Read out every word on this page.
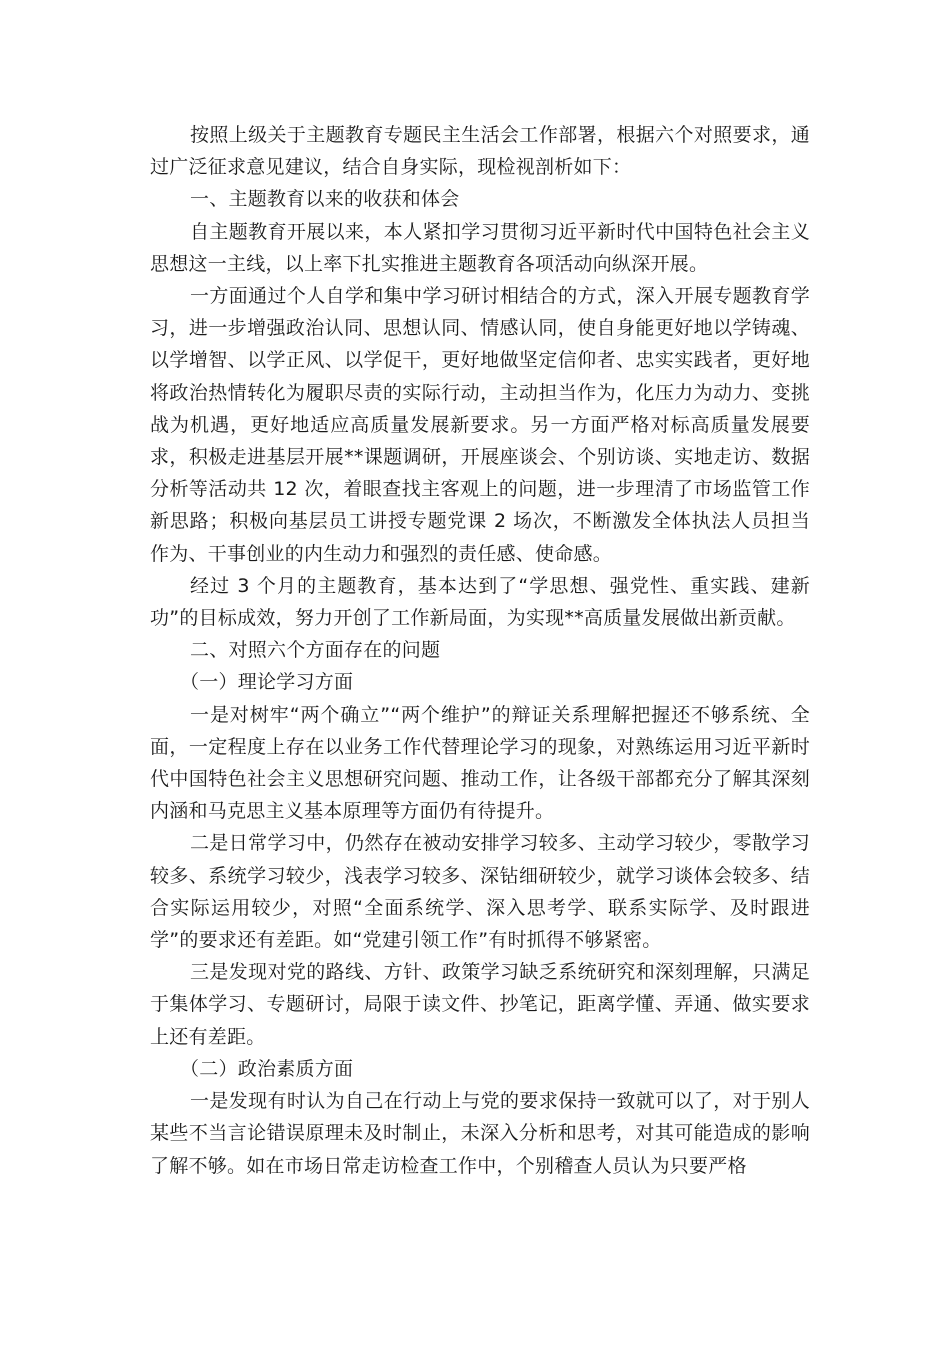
按照上级关于主题教育专题民主生活会工作部署，根据六个对照要求，通过广泛征求意见建议，结合自身实际，现检视剖析如下：

一、主题教育以来的收获和体会

自主题教育开展以来，本人紧扣学习贯彻习近平新时代中国特色社会主义思想这一主线，以上率下扎实推进主题教育各项活动向纵深开展。

一方面通过个人自学和集中学习研讨相结合的方式，深入开展专题教育学习，进一步增强政治认同、思想认同、情感认同，使自身能更好地以学铸魂、以学增智、以学正风、以学促干，更好地做坚定信仰者、忠实实践者，更好地将政治热情转化为履职尽责的实际行动，主动担当作为，化压力为动力、变挑战为机遇，更好地适应高质量发展新要求。另一方面严格对标高质量发展要求，积极走进基层开展**课题调研，开展座谈会、个别访谈、实地走访、数据分析等活动共 12 次，着眼查找主客观上的问题，进一步理清了市场监管工作新思路；积极向基层员工讲授专题党课 2 场次，不断激发全体执法人员担当作为、干事创业的内生动力和强烈的责任感、使命感。

经过 3 个月的主题教育，基本达到了“学思想、强党性、重实践、建新功”的目标成效，努力开创了工作新局面，为实现**高质量发展做出新贡献。

二、对照六个方面存在的问题

（一）理论学习方面

一是对树牢“两个确立”“两个维护”的辩证关系理解把握还不够系统、全面，一定程度上存在以业务工作代替理论学习的现象，对熟练运用习近平新时代中国特色社会主义思想研究问题、推动工作，让各级干部都充分了解其深刻内涵和马克思主义基本原理等方面仍有待提升。

二是日常学习中，仍然存在被动安排学习较多、主动学习较少，零散学习较多、系统学习较少，浅表学习较多、深钻细研较少，就学习谈体会较多、结合实际运用较少，对照“全面系统学、深入思考学、联系实际学、及时跟进学”的要求还有差距。如“党建引领工作”有时抓得不够紧密。

三是发现对党的路线、方针、政策学习缺乏系统研究和深刻理解，只满足于集体学习、专题研讨，局限于读文件、抄笔记，距离学懂、弄通、做实要求上还有差距。

（二）政治素质方面

一是发现有时认为自己在行动上与党的要求保持一致就可以了，对于别人某些不当言论错误原理未及时制止，未深入分析和思考，对其可能造成的影响了解不够。如在市场日常走访检查工作中，个别稽查人员认为只要严格
